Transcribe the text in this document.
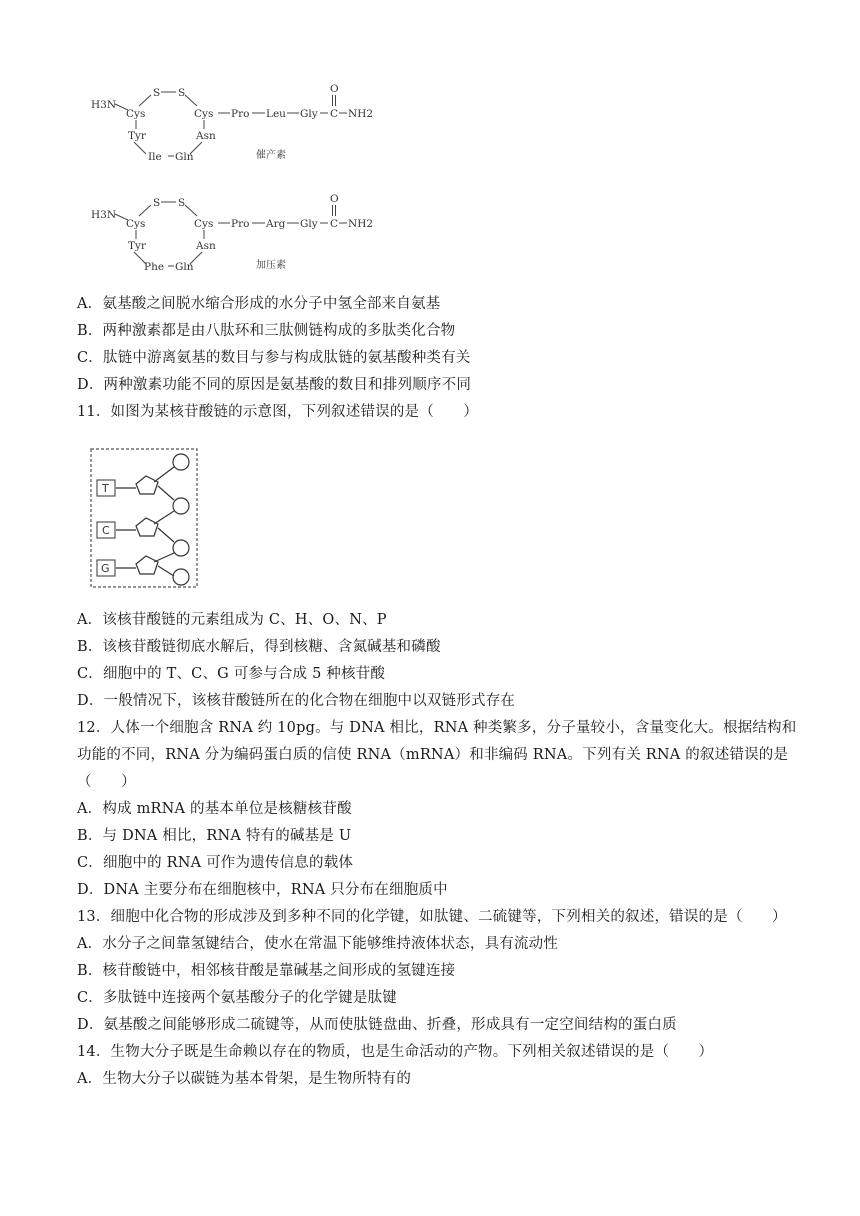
H3N
S S
Cys	Cys Pro Leu Gly C
O
NH2
Tyr	Asn
Ile Gln	催产素
H3N
S S
Cys	Cys Pro Arg Gly C
O
NH2
Tyr	Asn
Phe Gln	加压素
A．氨基酸之间脱水缩合形成的水分子中氢全部来自氨基
B．两种激素都是由八肽环和三肽侧链构成的多肽类化合物
C．肽链中游离氨基的数目与参与构成肽链的氨基酸种类有关
D．两种激素功能不同的原因是氨基酸的数目和排列顺序不同
11．如图为某核苷酸链的示意图，下列叙述错误的是（　　）
T
C
G
A．该核苷酸链的元素组成为 C、H、O、N、P
B．该核苷酸链彻底水解后，得到核糖、含氮碱基和磷酸
C．细胞中的 T、C、G 可参与合成 5 种核苷酸
D．一般情况下，该核苷酸链所在的化合物在细胞中以双链形式存在
12．人体一个细胞含 RNA 约 10pg。与 DNA 相比，RNA 种类繁多，分子量较小，含量变化大。根据结构和
功能的不同，RNA 分为编码蛋白质的信使 RNA（mRNA）和非编码 RNA。下列有关 RNA 的叙述错误的是
（　　）
A．构成 mRNA 的基本单位是核糖核苷酸
B．与 DNA 相比，RNA 特有的碱基是 U
C．细胞中的 RNA 可作为遗传信息的载体
D．DNA 主要分布在细胞核中，RNA 只分布在细胞质中
13．细胞中化合物的形成涉及到多种不同的化学键，如肽键、二硫键等，下列相关的叙述，错误的是（　　）
A．水分子之间靠氢键结合，使水在常温下能够维持液体状态，具有流动性
B．核苷酸链中，相邻核苷酸是靠碱基之间形成的氢键连接
C．多肽链中连接两个氨基酸分子的化学键是肽键
D．氨基酸之间能够形成二硫键等，从而使肽链盘曲、折叠，形成具有一定空间结构的蛋白质
14．生物大分子既是生命赖以存在的物质，也是生命活动的产物。下列相关叙述错误的是（　　）
A．生物大分子以碳链为基本骨架，是生物所特有的
